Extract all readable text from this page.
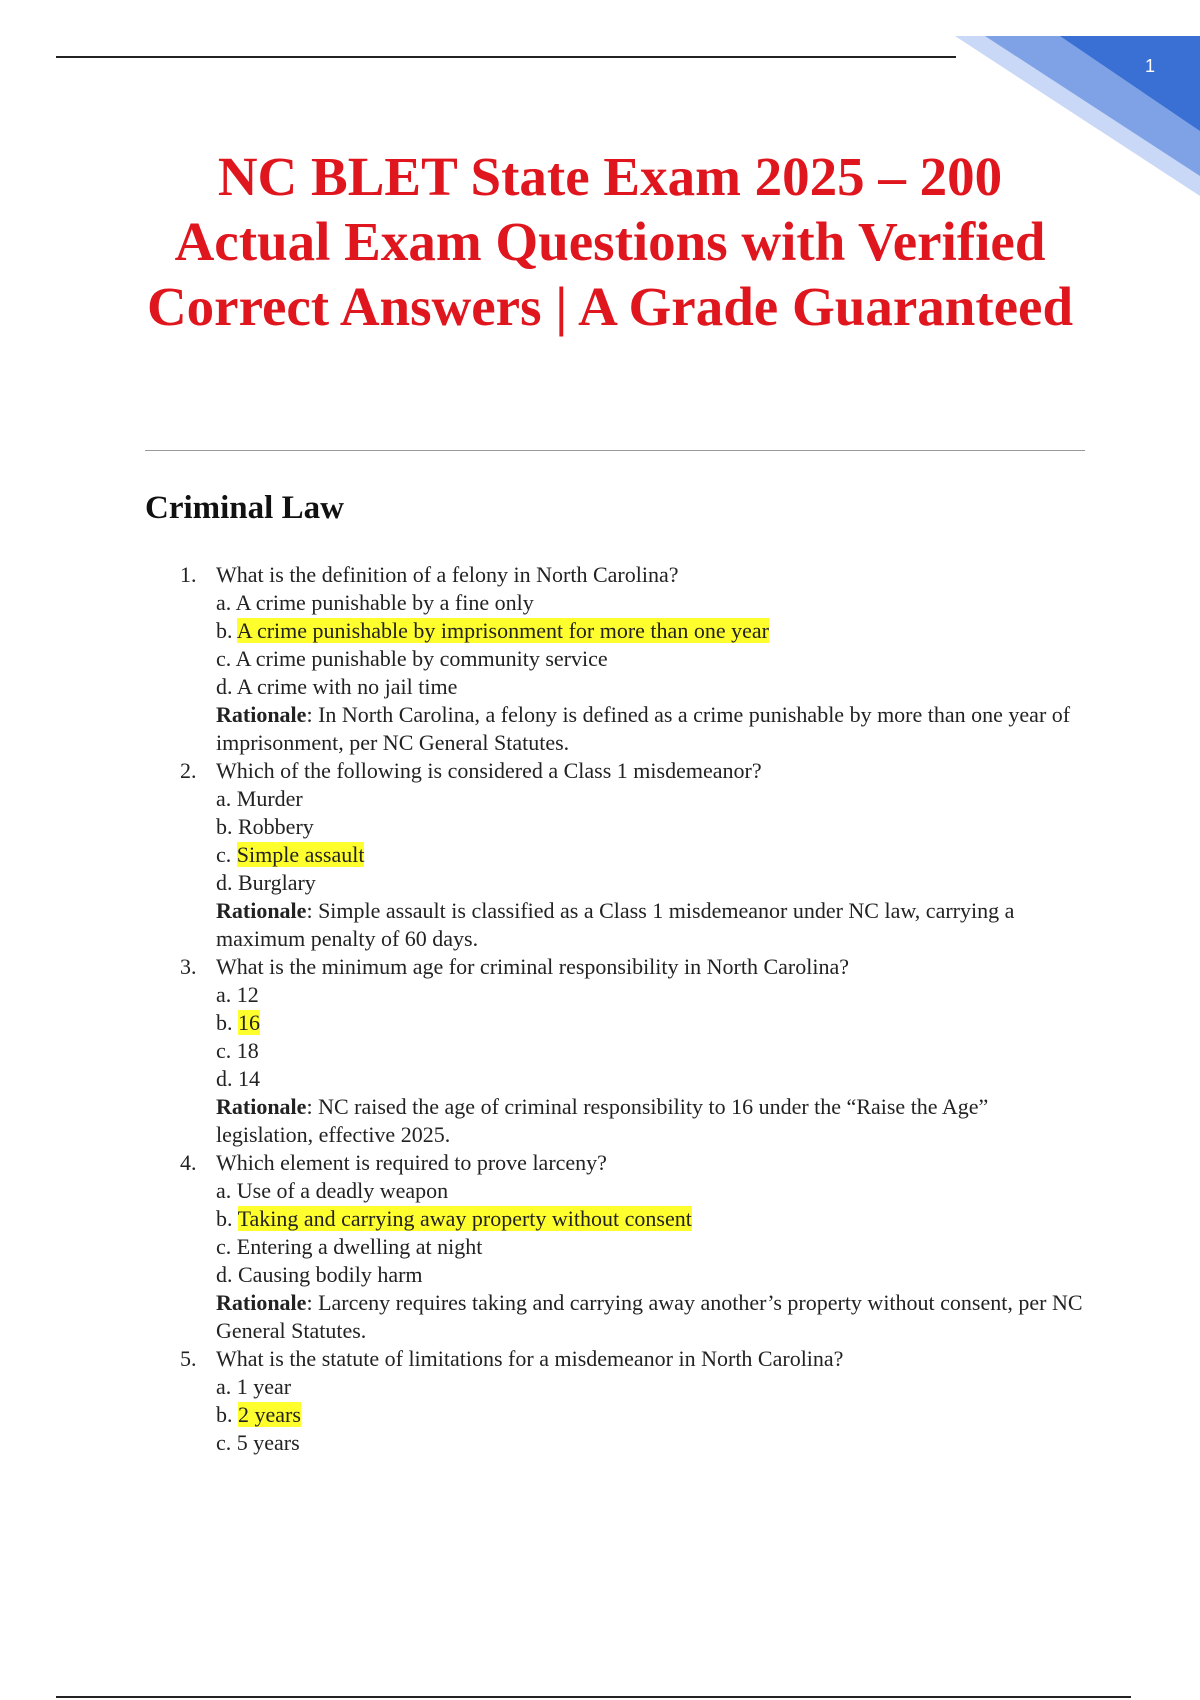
1
NC BLET State Exam 2025 – 200 Actual Exam Questions with Verified Correct Answers | A Grade Guaranteed
Criminal Law
1. What is the definition of a felony in North Carolina?
a. A crime punishable by a fine only
b. A crime punishable by imprisonment for more than one year
c. A crime punishable by community service
d. A crime with no jail time
Rationale: In North Carolina, a felony is defined as a crime punishable by more than one year of imprisonment, per NC General Statutes.
2. Which of the following is considered a Class 1 misdemeanor?
a. Murder
b. Robbery
c. Simple assault
d. Burglary
Rationale: Simple assault is classified as a Class 1 misdemeanor under NC law, carrying a maximum penalty of 60 days.
3. What is the minimum age for criminal responsibility in North Carolina?
a. 12
b. 16
c. 18
d. 14
Rationale: NC raised the age of criminal responsibility to 16 under the “Raise the Age” legislation, effective 2025.
4. Which element is required to prove larceny?
a. Use of a deadly weapon
b. Taking and carrying away property without consent
c. Entering a dwelling at night
d. Causing bodily harm
Rationale: Larceny requires taking and carrying away another’s property without consent, per NC General Statutes.
5. What is the statute of limitations for a misdemeanor in North Carolina?
a. 1 year
b. 2 years
c. 5 years
